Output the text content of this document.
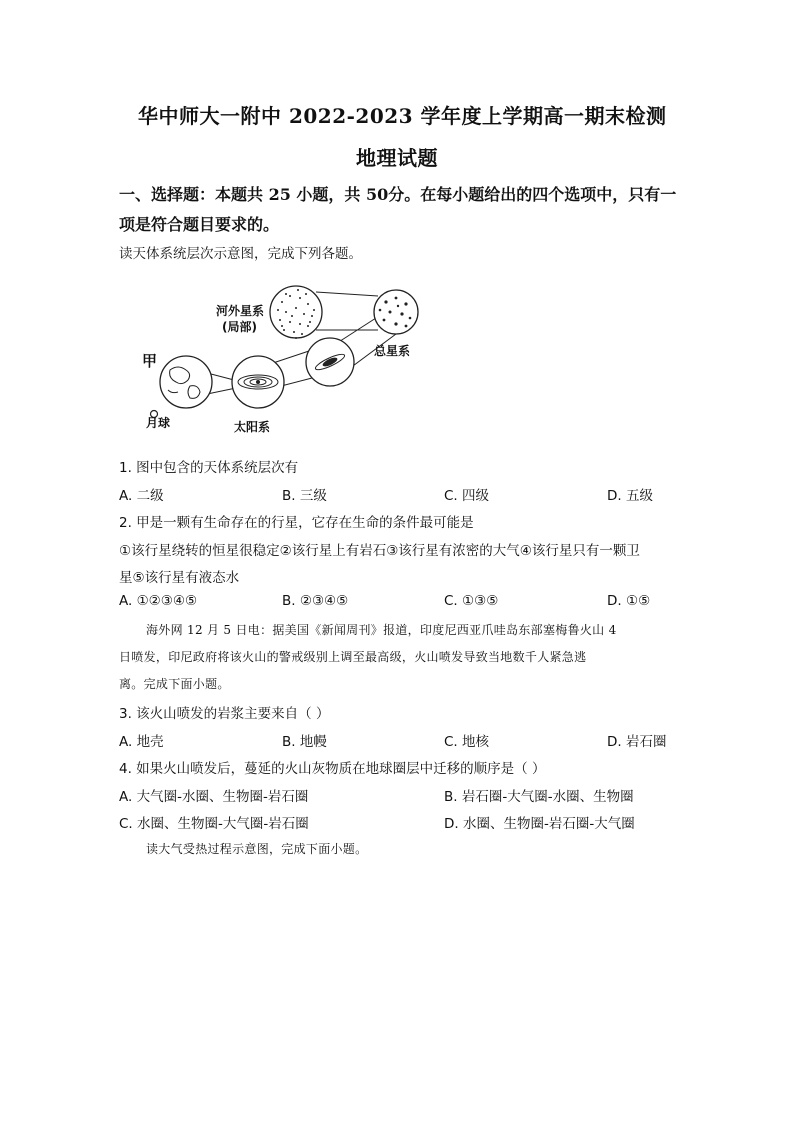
华中师大一附中 2022-2023 学年度上学期高一期末检测
地理试题
一、选择题：本题共 25 小题，共 50分。在每小题给出的四个选项中，只有一
项是符合题目要求的。
读天体系统层次示意图，完成下列各题。
河外星系
(局部)
总星系
甲
月球	太阳系
1. 图中包含的天体系统层次有
A. 二级	B. 三级	C. 四级	D. 五级
2. 甲是一颗有生命存在的行星，它存在生命的条件最可能是
①该行星绕转的恒星很稳定②该行星上有岩石③该行星有浓密的大气④该行星只有一颗卫
星⑤该行星有液态水
A. ①②③④⑤	B. ②③④⑤	C. ①③⑤	D. ①⑤
海外网 12 月 5 日电：据美国《新闻周刊》报道，印度尼西亚爪哇岛东部塞梅鲁火山 4
日喷发，印尼政府将该火山的警戒级别上调至最高级，火山喷发导致当地数千人紧急逃
离。完成下面小题。
3. 该火山喷发的岩浆主要来自（ ）
A. 地壳	B. 地幔	C. 地核	D. 岩石圈
4. 如果火山喷发后，蔓延的火山灰物质在地球圈层中迁移的顺序是（ ）
A. 大气圈-水圈、生物圈-岩石圈	B. 岩石圈-大气圈-水圈、生物圈
C. 水圈、生物圈-大气圈-岩石圈	D. 水圈、生物圈-岩石圈-大气圈
读大气受热过程示意图，完成下面小题。
